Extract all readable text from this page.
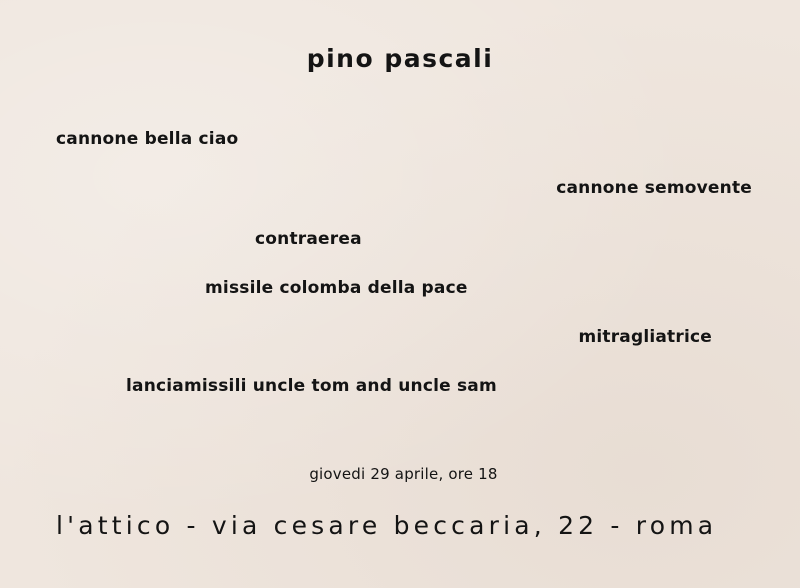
pino pascali
cannone bella ciao
cannone semovente
contraerea
missile colomba della pace
mitragliatrice
lanciamissili uncle tom and uncle sam
giovedi 29 aprile, ore 18
l'attico - via cesare beccaria, 22 - roma
